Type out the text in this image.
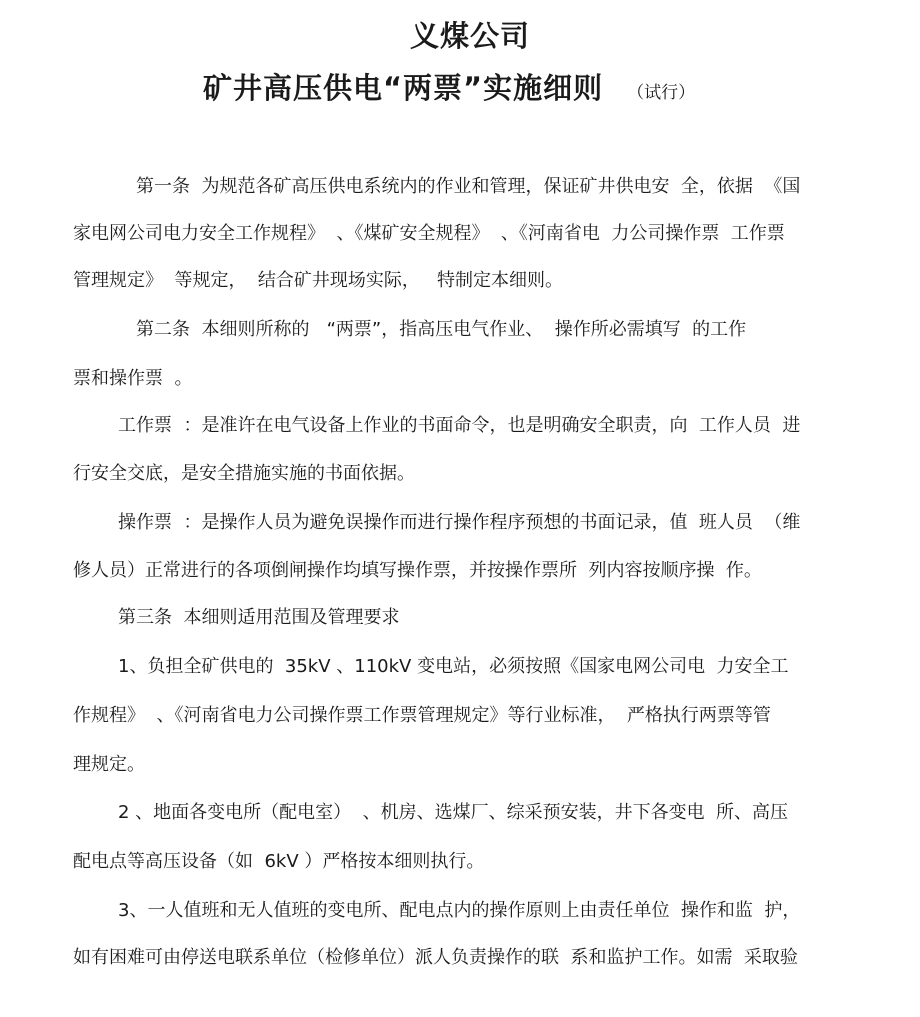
义煤公司
矿井高压供电“两票”实施细则 （试行）
第一条  为规范各矿高压供电系统内的作业和管理，保证矿井供电安  全，依据  《国
家电网公司电力安全工作规程》  、《煤矿安全规程》  、《河南省电  力公司操作票  工作票
管理规定》  等规定，  结合矿井现场实际，   特制定本细则。
第二条  本细则所称的   “两票”，指高压电气作业、  操作所必需填写  的工作
票和操作票  。
工作票  ：是准许在电气设备上作业的书面命令，也是明确安全职责，向  工作人员  进
行安全交底，是安全措施实施的书面依据。
操作票  ：是操作人员为避免误操作而进行操作程序预想的书面记录，值  班人员  （维
修人员）正常进行的各项倒闸操作均填写操作票，并按操作票所  列内容按顺序操  作。
第三条  本细则适用范围及管理要求
1、负担全矿供电的  35kV 、110kV 变电站，必须按照《国家电网公司电  力安全工
作规程》  、《河南省电力公司操作票工作票管理规定》等行业标准，  严格执行两票等管
理规定。
2 、地面各变电所（配电室）  、机房、选煤厂、综采预安装，井下各变电  所、高压
配电点等高压设备（如  6kV ）严格按本细则执行。
3、一人值班和无人值班的变电所、配电点内的操作原则上由责任单位  操作和监  护，
如有困难可由停送电联系单位（检修单位）派人负责操作的联  系和监护工作。如需  采取验
